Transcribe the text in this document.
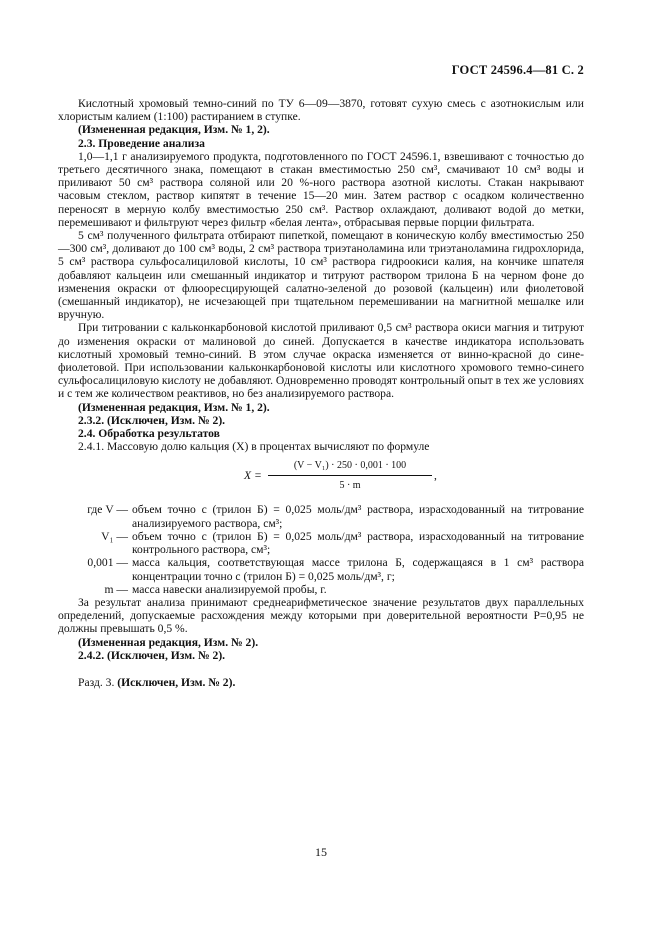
ГОСТ 24596.4—81 С. 2

Кислотный хромовый темно-синий по ТУ 6—09—3870, готовят сухую смесь с азотнокислым или хлористым калием (1:100) растиранием в ступке.

(Измененная редакция, Изм. № 1, 2).

2.3. Проведение анализа

1,0—1,1 г анализируемого продукта, подготовленного по ГОСТ 24596.1, взвешивают с точностью до третьего десятичного знака, помещают в стакан вместимостью 250 см³, смачивают 10 см³ воды и приливают 50 см³ раствора соляной или 20 %-ного раствора азотной кислоты. Стакан накрывают часовым стеклом, раствор кипятят в течение 15—20 мин. Затем раствор с осадком количественно переносят в мерную колбу вместимостью 250 см³. Раствор охлаждают, доливают водой до метки, перемешивают и фильтруют через фильтр «белая лента», отбрасывая первые порции фильтрата.

5 см³ полученного фильтрата отбирают пипеткой, помещают в коническую колбу вместимостью 250—300 см³, доливают до 100 см³ воды, 2 см³ раствора триэтаноламина или триэтаноламина гидрохлорида, 5 см³ раствора сульфосалициловой кислоты, 10 см³ раствора гидроокиси калия, на кончике шпателя добавляют кальцеин или смешанный индикатор и титруют раствором трилона Б на черном фоне до изменения окраски от флюоресцирующей салатно-зеленой до розовой (кальцеин) или фиолетовой (смешанный индикатор), не исчезающей при тщательном перемешивании на магнитной мешалке или вручную.

При титровании с кальконкарбоновой кислотой приливают 0,5 см³ раствора окиси магния и титруют до изменения окраски от малиновой до синей. Допускается в качестве индикатора использовать кислотный хромовый темно-синий. В этом случае окраска изменяется от винно-красной до сине-фиолетовой. При использовании кальконкарбоновой кислоты или кислотного хромового темно-синего сульфосалициловую кислоту не добавляют. Одновременно проводят контрольный опыт в тех же условиях и с тем же количеством реактивов, но без анализируемого раствора.

(Измененная редакция, Изм. № 1, 2).

2.3.2. (Исключен, Изм. № 2).

2.4. Обработка результатов

2.4.1. Массовую долю кальция (X) в процентах вычисляют по формуле

$X = \frac{\text{(V − V₁) · 250 · 0,001 · 100}}{5 \cdot m}$ ,
где V — объем точно c (трилон Б) = 0,025 моль/дм³ раствора, израсходованный на титрование анализируемого раствора, см³;
V₁ — объем точно c (трилон Б) = 0,025 моль/дм³ раствора, израсходованный на титрование контрольного раствора, см³;
0,001 — масса кальция, соответствующая массе трилона Б, содержащаяся в 1 см³ раствора концентрации точно c (трилон Б) = 0,025 моль/дм³, г;
m — масса навески анализируемой пробы, г.

За результат анализа принимают среднеарифметическое значение результатов двух параллельных определений, допускаемые расхождения между которыми при доверительной вероятности P=0,95 не должны превышать 0,5 %.

(Измененная редакция, Изм. № 2).

2.4.2. (Исключен, Изм. № 2).

Разд. 3. (Исключен, Изм. № 2).

15
